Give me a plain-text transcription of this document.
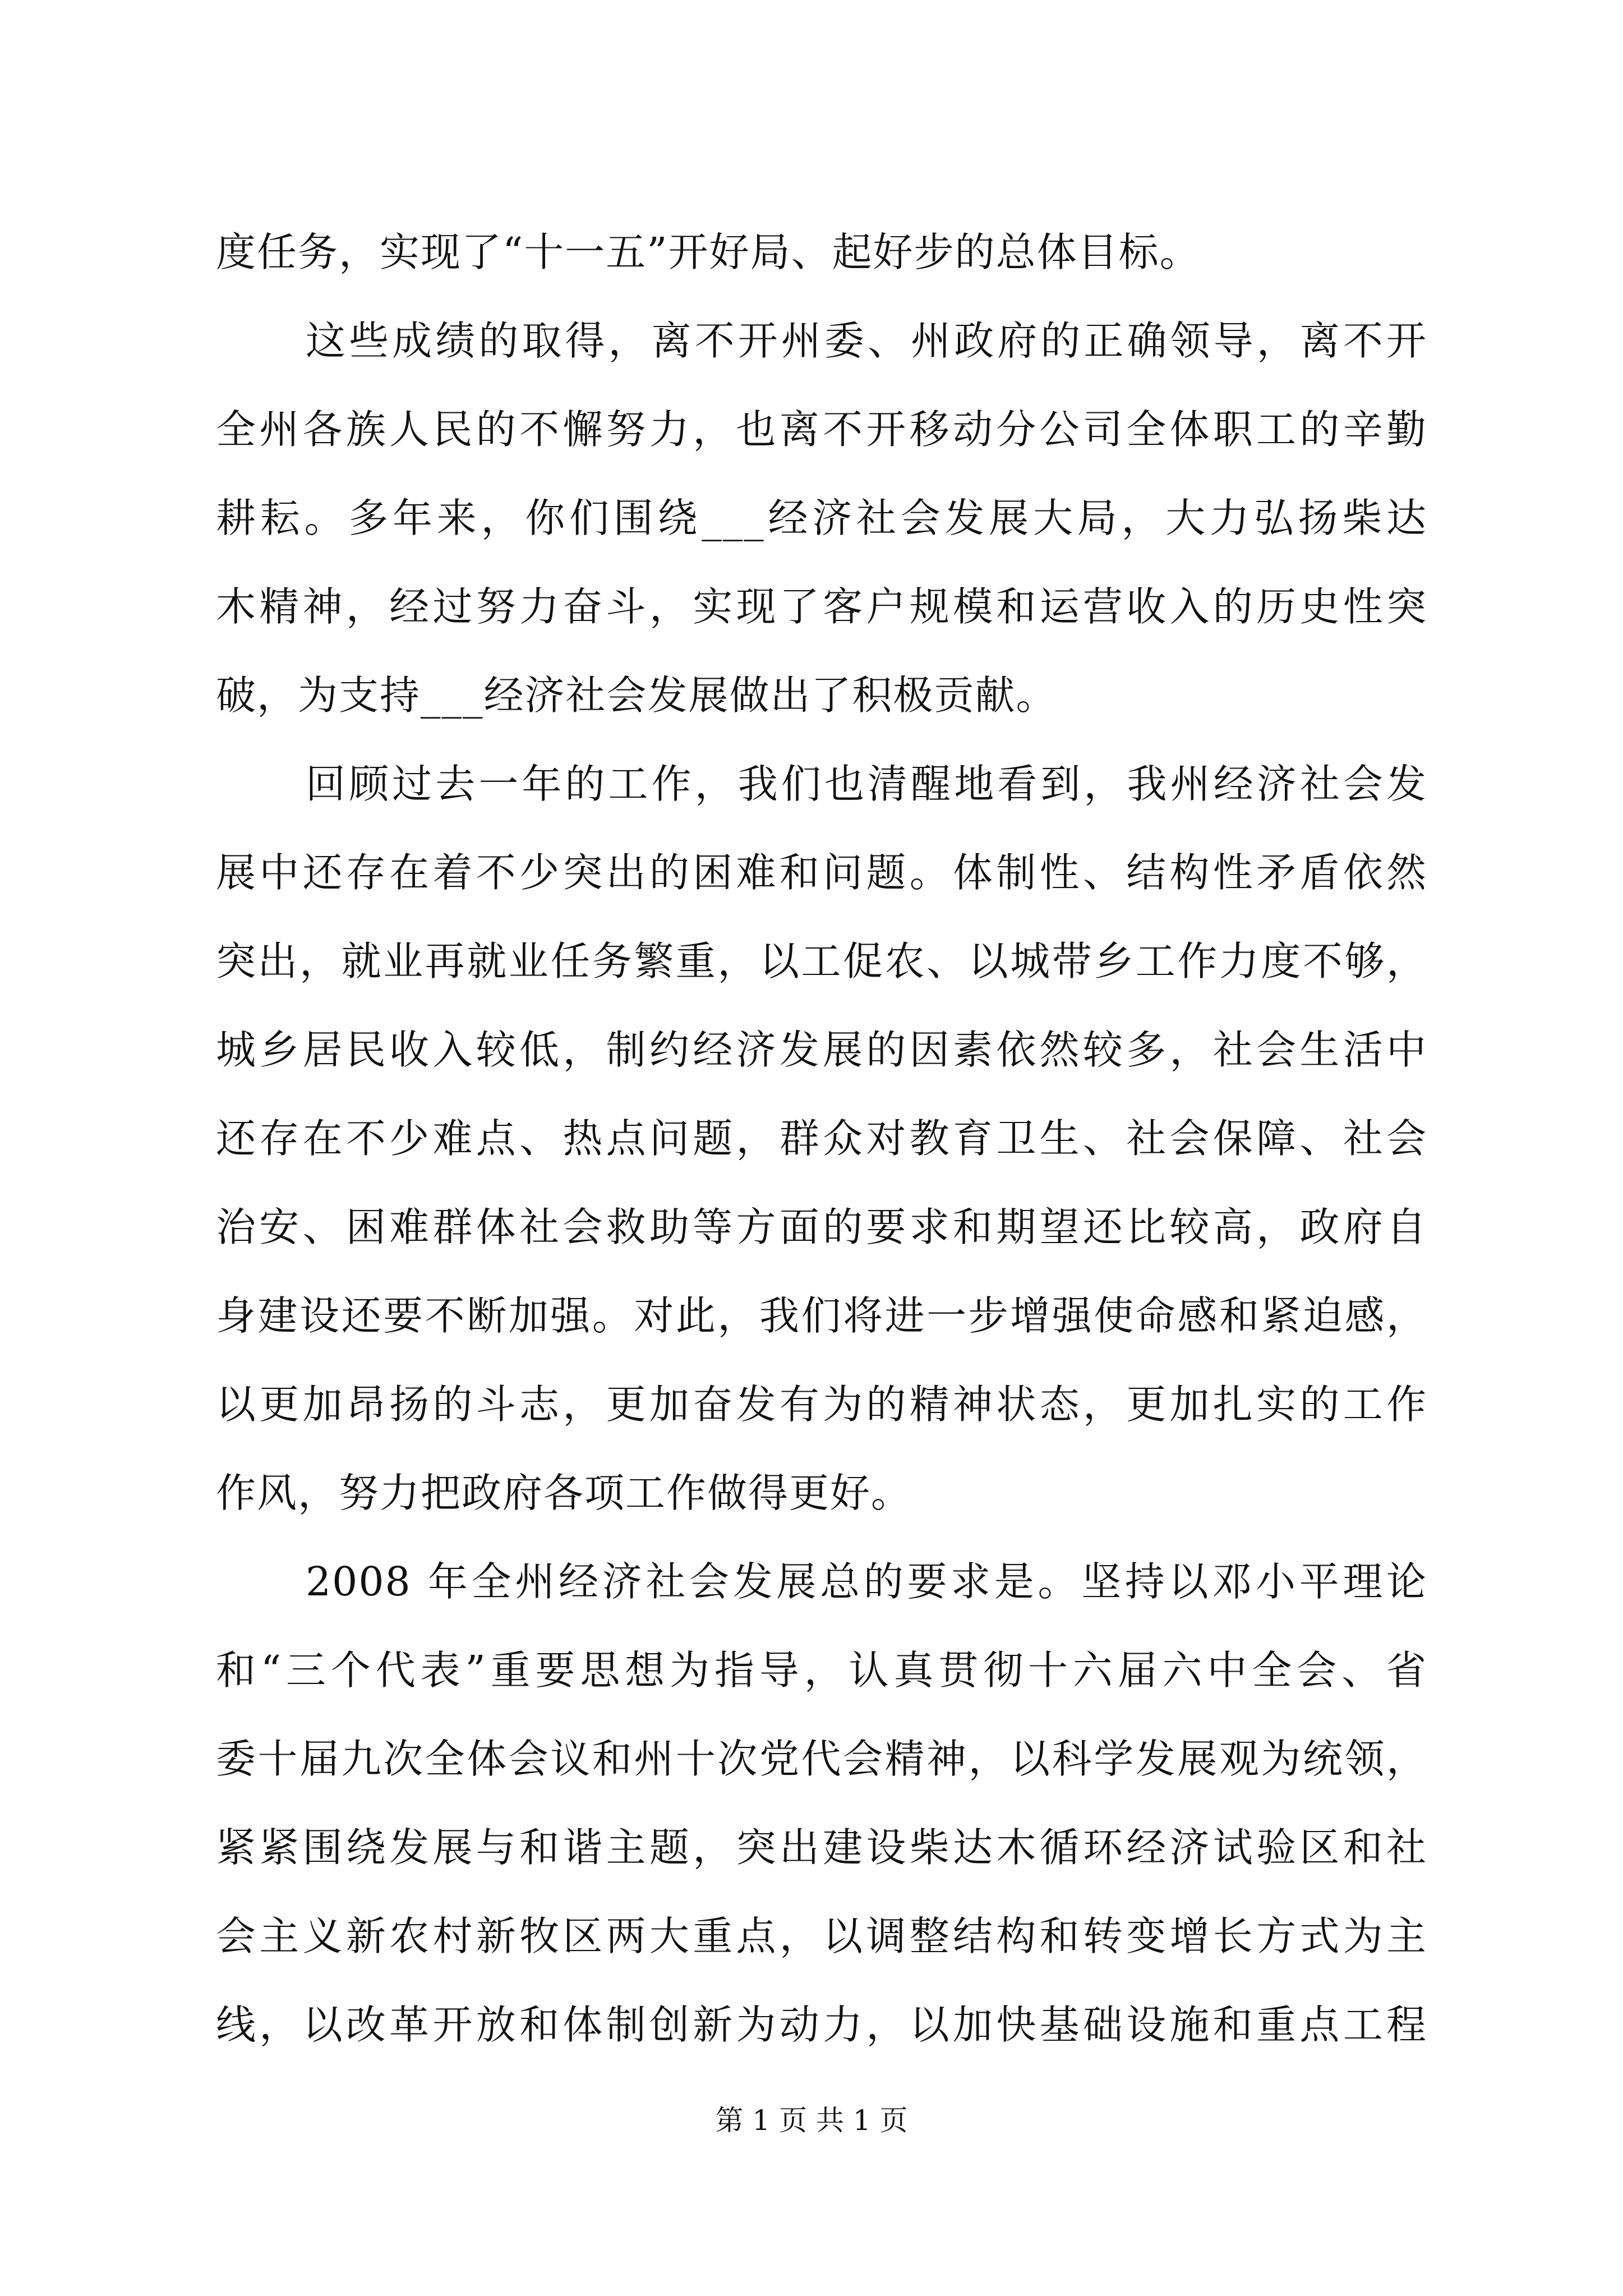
度任务，实现了“十一五”开好局、起好步的总体目标。
这些成绩的取得，离不开州委、州政府的正确领导，离不开
全州各族人民的不懈努力，也离不开移动分公司全体职工的辛勤
耕耘。多年来，你们围绕___经济社会发展大局，大力弘扬柴达
木精神，经过努力奋斗，实现了客户规模和运营收入的历史性突
破，为支持___经济社会发展做出了积极贡献。
回顾过去一年的工作，我们也清醒地看到，我州经济社会发
展中还存在着不少突出的困难和问题。体制性、结构性矛盾依然
突出，就业再就业任务繁重，以工促农、以城带乡工作力度不够，
城乡居民收入较低，制约经济发展的因素依然较多，社会生活中
还存在不少难点、热点问题，群众对教育卫生、社会保障、社会
治安、困难群体社会救助等方面的要求和期望还比较高，政府自
身建设还要不断加强。对此，我们将进一步增强使命感和紧迫感，
以更加昂扬的斗志，更加奋发有为的精神状态，更加扎实的工作
作风，努力把政府各项工作做得更好。
2008 年全州经济社会发展总的要求是。坚持以邓小平理论
和“三个代表”重要思想为指导，认真贯彻十六届六中全会、省
委十届九次全体会议和州十次党代会精神，以科学发展观为统领，
紧紧围绕发展与和谐主题，突出建设柴达木循环经济试验区和社
会主义新农村新牧区两大重点，以调整结构和转变增长方式为主
线，以改革开放和体制创新为动力，以加快基础设施和重点工程
第 1 页 共 1 页
